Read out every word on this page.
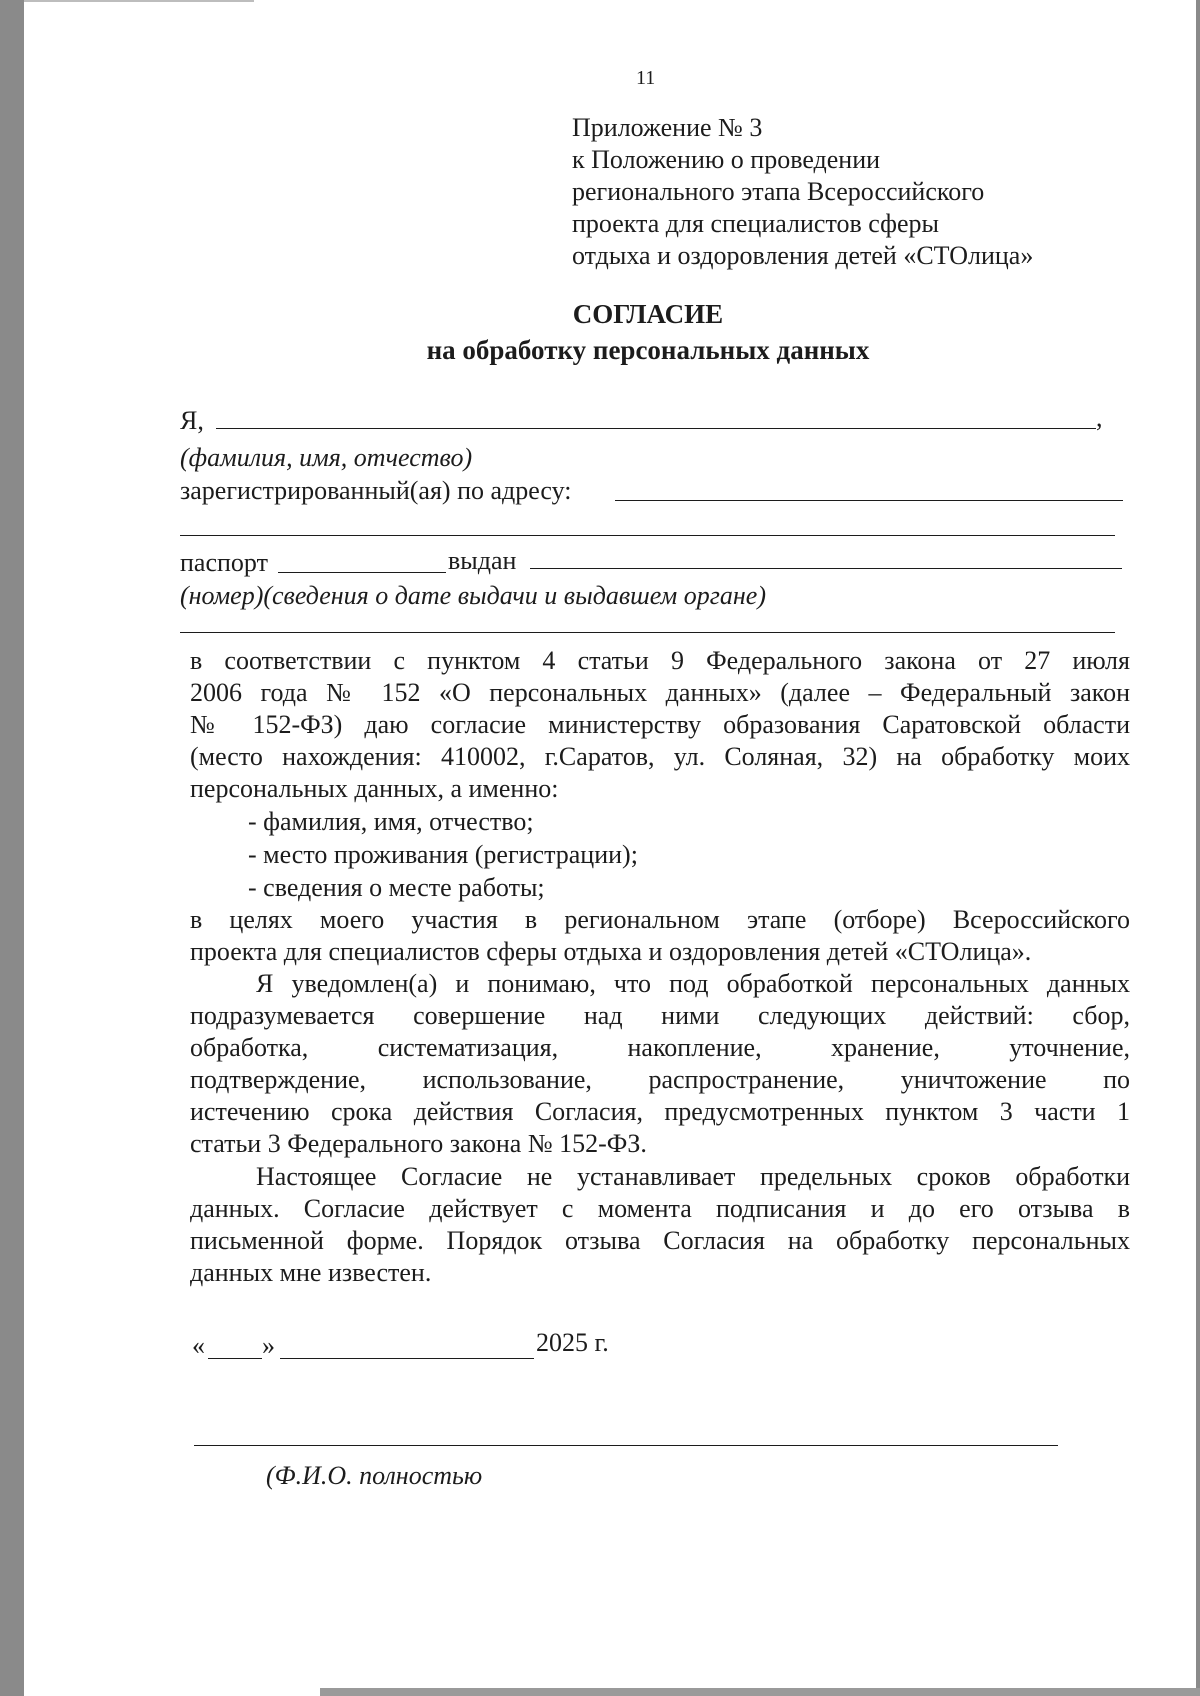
11
Приложение № 3
к Положению о проведении
регионального этапа Всероссийского
проекта для специалистов сферы
отдыха и оздоровления детей «СТОлица»
СОГЛАСИЕ
на обработку персональных данных
Я,	,
(фамилия, имя, отчество)
зарегистрированный(ая) по адресу:
паспорт	выдан
(номер)(сведения о дате выдачи и выдавшем органе)
в соответствии с пунктом 4 статьи 9 Федерального закона от 27 июля
2006 года № 152 «О персональных данных» (далее – Федеральный закон
№ 152-ФЗ) даю согласие министерству образования Саратовской области
(место нахождения: 410002, г.Саратов, ул. Соляная, 32) на обработку моих
персональных данных, а именно:
- фамилия, имя, отчество;
- место проживания (регистрации);
- сведения о месте работы;
в целях моего участия в региональном этапе (отборе) Всероссийского
проекта для специалистов сферы отдыха и оздоровления детей «СТОлица».
Я уведомлен(а) и понимаю, что под обработкой персональных данных
подразумевается совершение над ними следующих действий: сбор,
обработка, систематизация, накопление, хранение, уточнение,
подтверждение, использование, распространение, уничтожение по
истечению срока действия Согласия, предусмотренных пунктом 3 части 1
статьи 3 Федерального закона № 152-ФЗ.
Настоящее Согласие не устанавливает предельных сроков обработки
данных. Согласие действует с момента подписания и до его отзыва в
письменной форме. Порядок отзыва Согласия на обработку персональных
данных мне известен.
« »	2025 г.
(Ф.И.О. полностью
